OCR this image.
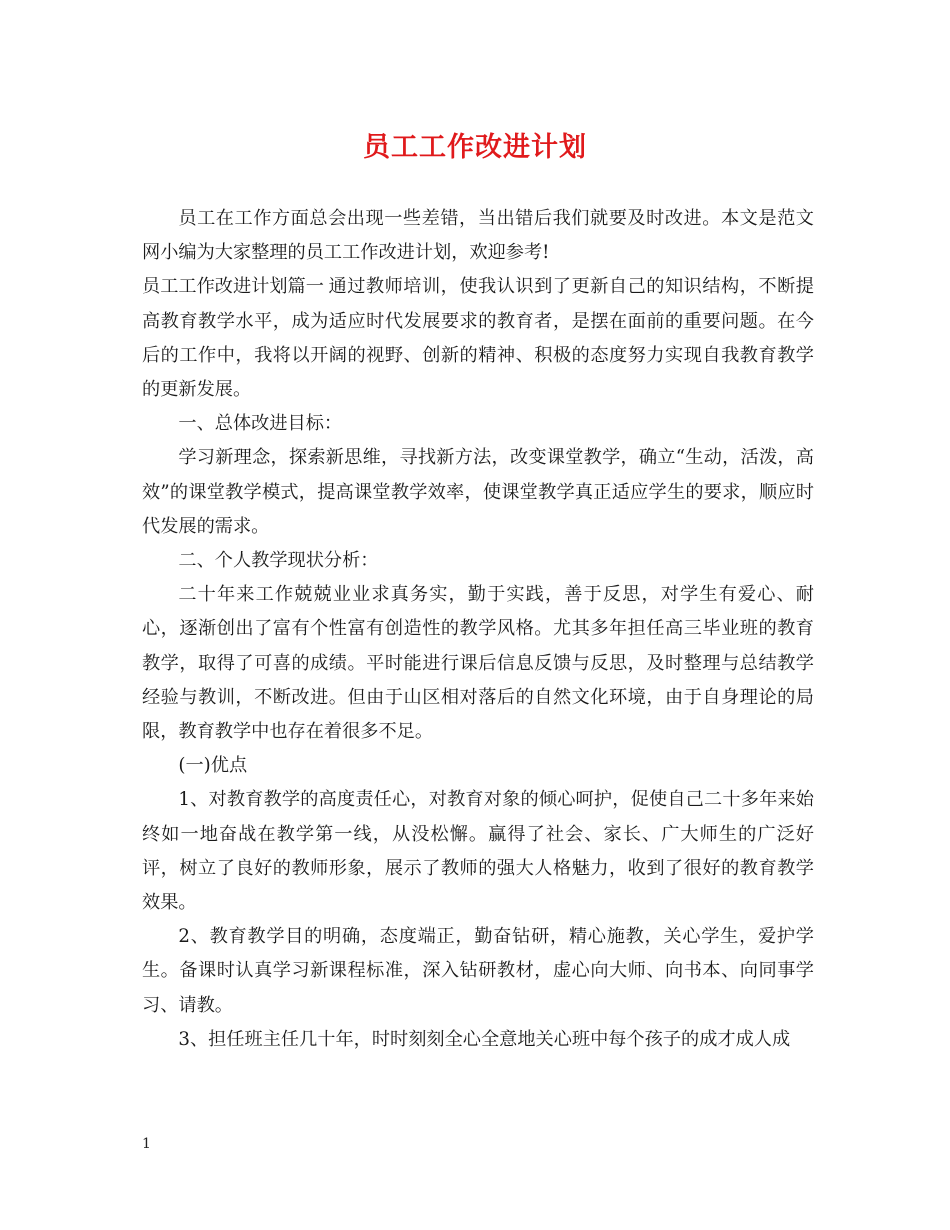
员工工作改进计划

员工在工作方面总会出现一些差错，当出错后我们就要及时改进。本文是范文网小编为大家整理的员工工作改进计划，欢迎参考!

员工工作改进计划篇一 通过教师培训，使我认识到了更新自己的知识结构，不断提高教育教学水平，成为适应时代发展要求的教育者，是摆在面前的重要问题。在今后的工作中，我将以开阔的视野、创新的精神、积极的态度努力实现自我教育教学的更新发展。

一、总体改进目标：

学习新理念，探索新思维，寻找新方法，改变课堂教学，确立“生动，活泼，高效”的课堂教学模式，提高课堂教学效率，使课堂教学真正适应学生的要求，顺应时代发展的需求。

二、个人教学现状分析：

二十年来工作兢兢业业求真务实，勤于实践，善于反思，对学生有爱心、耐心，逐渐创出了富有个性富有创造性的教学风格。尤其多年担任高三毕业班的教育教学，取得了可喜的成绩。平时能进行课后信息反馈与反思，及时整理与总结教学经验与教训，不断改进。但由于山区相对落后的自然文化环境，由于自身理论的局限，教育教学中也存在着很多不足。

(一)优点

1、对教育教学的高度责任心，对教育对象的倾心呵护，促使自己二十多年来始终如一地奋战在教学第一线，从没松懈。赢得了社会、家长、广大师生的广泛好评，树立了良好的教师形象，展示了教师的强大人格魅力，收到了很好的教育教学效果。

2、教育教学目的明确，态度端正，勤奋钻研，精心施教，关心学生，爱护学生。备课时认真学习新课程标准，深入钻研教材，虚心向大师、向书本、向同事学习、请教。

3、担任班主任几十年，时时刻刻全心全意地关心班中每个孩子的成才成人成

1
